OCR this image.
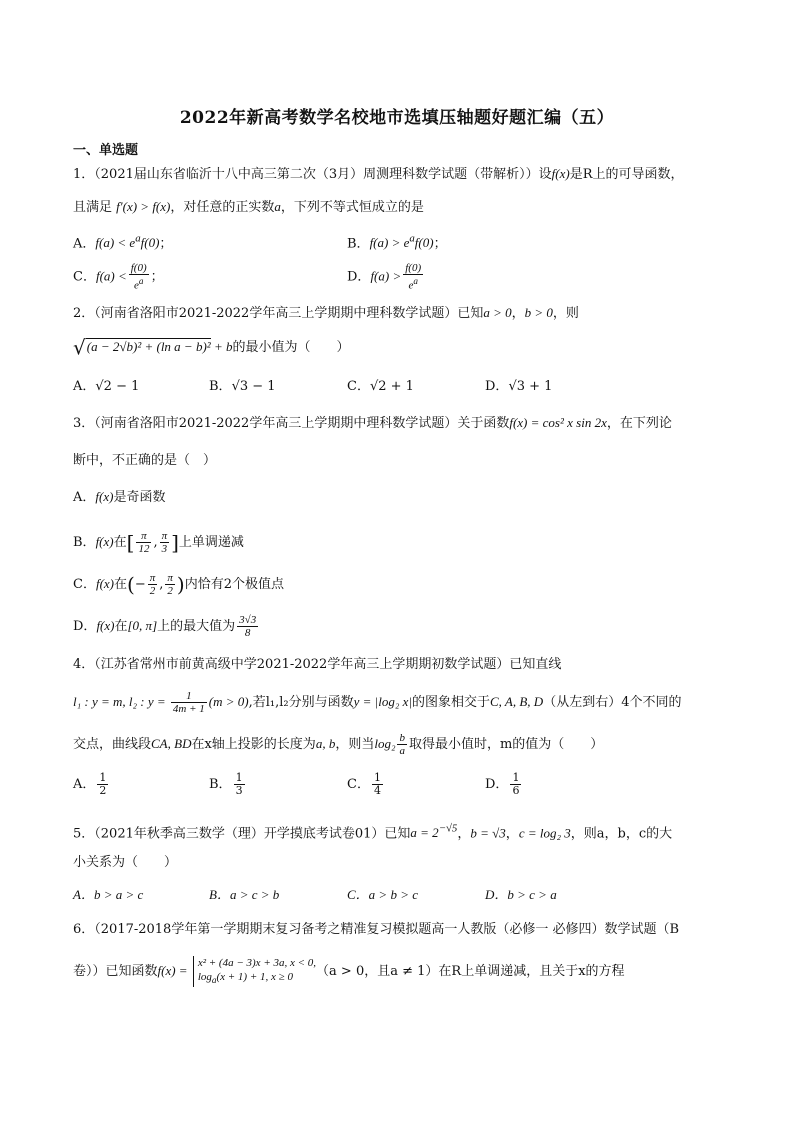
2022年新高考数学名校地市选填压轴题好题汇编（五）
一、单选题
1．（2021届山东省临沂十八中高三第二次（3月）周测理科数学试题（带解析））设f(x)是R上的可导函数，
且满足 f′(x) > f(x)，对任意的正实数a，下列不等式恒成立的是
A．$f(a) < e^af(0)$；	B．$f(a) > e^af(0)$；
C．$f(a) < \frac{f(0)}{e^a}$ ；	D．$f(a) > \frac{f(0)}{e^a}$
2．（河南省洛阳市2021-2022学年高三上学期期中理科数学试题）已知a > 0，b > 0，则
√(a − 2√b)² + (ln a − b)² + b的最小值为（　　）
A．√2 − 1	B．√3 − 1	C．√2 + 1	D．√3 + 1
3．（河南省洛阳市2021-2022学年高三上学期期中理科数学试题）关于函数f(x) = cos² x sin 2x，在下列论
断中，不正确的是（　）
A．f(x)是奇函数
B．f(x)在[ $\frac{\pi}{12}$ , $\frac{\pi}{3}$ ]上单调递减
C．f(x)在(− $\frac{\pi}{2}$ , $\frac{\pi}{2}$ )内恰有2个极值点
D．f(x)在[0, π]上的最大值为 $\frac{3√3}{8}$
4．（江苏省常州市前黄高级中学2021-2022学年高三上学期期初数学试题）已知直线
l₁ : y = m, l₂ : $y = \frac{1}{4m + 1} (m > 0)$,若l₁,l₂分别与函数y = |log₂ x|的图象相交于C, A, B, D（从左到右）4个不同的
交点，曲线段CA, BD在x轴上投影的长度为a, b，则当$\log_2 \frac{b}{a}$ 取得最小值时，m的值为（　　）
A． $\frac{1}{2}$	B． $\frac{1}{3}$	C． $\frac{1}{4}$	D． $\frac{1}{6}$
5．（2021年秋季高三数学（理）开学摸底考试卷01）已知$a = 2^{-√5}$，b = √3，c = log₂ 3，则a，b，c的大
小关系为（　　）
A．b > a > c	B．a > c > b	C．a > b > c	D．b > c > a
6．（2017-2018学年第一学期期末复习备考之精准复习模拟题高一人教版（必修一 必修四）数学试题（B
卷））已知函数f(x) = x² + (4a − 3)x + 3a, x < 0,
$\log_a(x + 1) + 1$, x ≥ 0 （a > 0，且a ≠ 1）在R上单调递减，且关于x的方程
